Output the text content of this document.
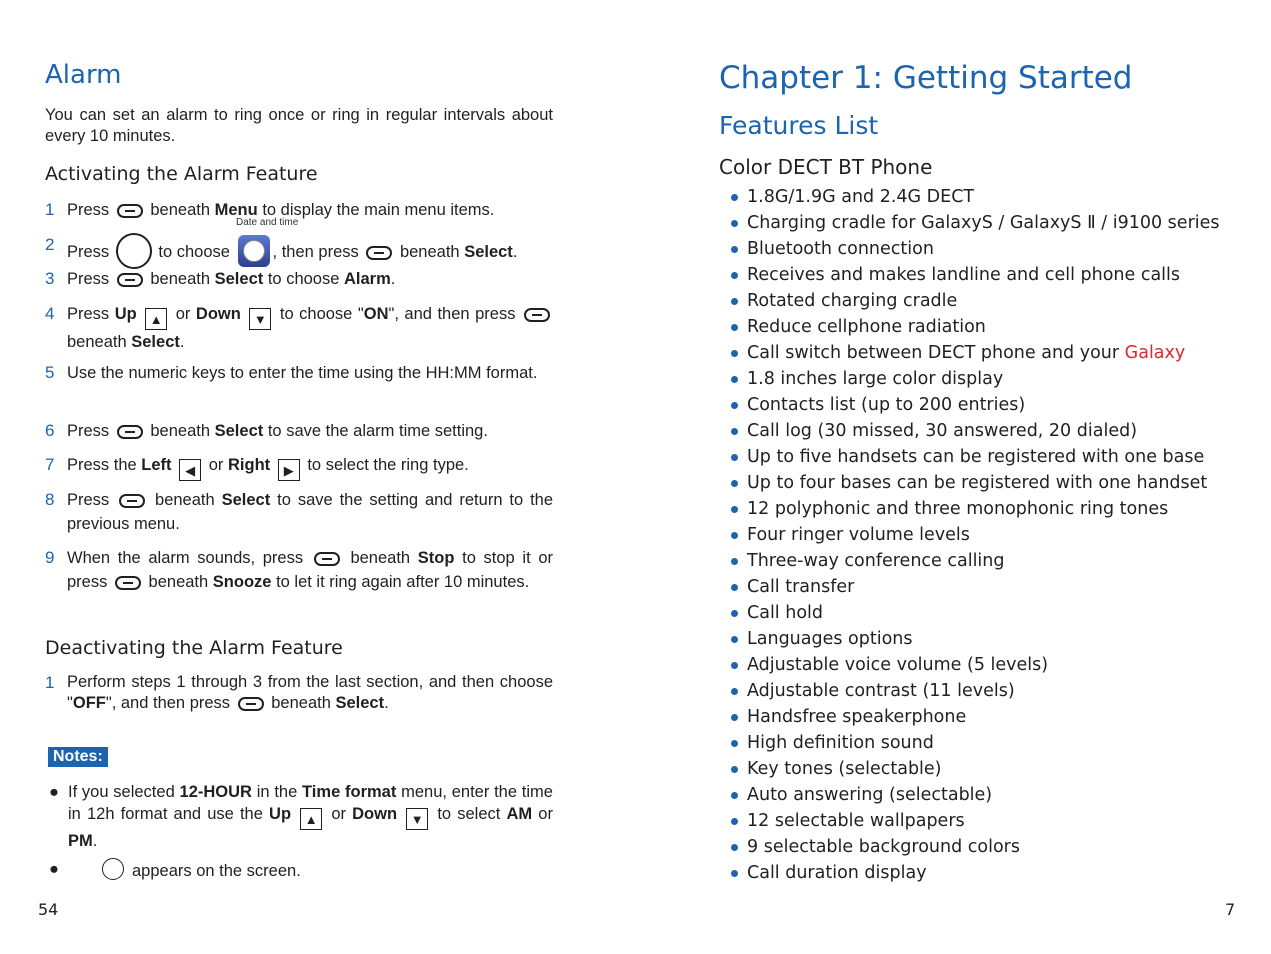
Alarm

You can set an alarm to ring once or ring in regular intervals about every 10 minutes.

Activating the Alarm Feature
1 Press beneath Menu to display the main menu items.
Date and time
2 Press	to choose	, then press beneath Select.
3 Press beneath Select to choose Alarm.
4 Press Up ▲ or Down ▼ to choose "ON", and then press  beneath Select.
5 Use the numeric keys to enter the time using the HH:MM format.
6 Press beneath Select to save the alarm time setting.
7 Press the Left ◀ or Right ▶ to select the ring type.
8 Press	beneath Select to save the setting and return to the previous menu.
9 When the alarm sounds, press	beneath Stop to stop it or press beneath Snooze to let it ring again after 10 minutes.
Deactivating the Alarm Feature
1 Perform steps 1 through 3 from the last section, and then choose "OFF", and then press beneath Select.
Notes:
● If you selected 12-HOUR in the Time format menu, enter the time in 12h format and use the Up ▲ or Down ▼ to select AM or PM.
●	appears on the screen.
54
Chapter 1: Getting Started
Features List
Color DECT BT Phone
1.8G/1.9G and 2.4G DECT
Charging cradle for GalaxyS / GalaxyS Ⅱ / i9100 series
Bluetooth connection
Receives and makes landline and cell phone calls
Rotated charging cradle
Reduce cellphone radiation
Call switch between DECT phone and your Galaxy
1.8 inches large color display
Contacts list (up to 200 entries)
Call log (30 missed, 30 answered, 20 dialed)
Up to five handsets can be registered with one base
Up to four bases can be registered with one handset
12 polyphonic and three monophonic ring tones
Four ringer volume levels
Three-way conference calling
Call transfer
Call hold
Languages options
Adjustable voice volume (5 levels)
Adjustable contrast (11 levels)
Handsfree speakerphone
High definition sound
Key tones (selectable)
Auto answering (selectable)
12 selectable wallpapers
9 selectable background colors
Call duration display
7
